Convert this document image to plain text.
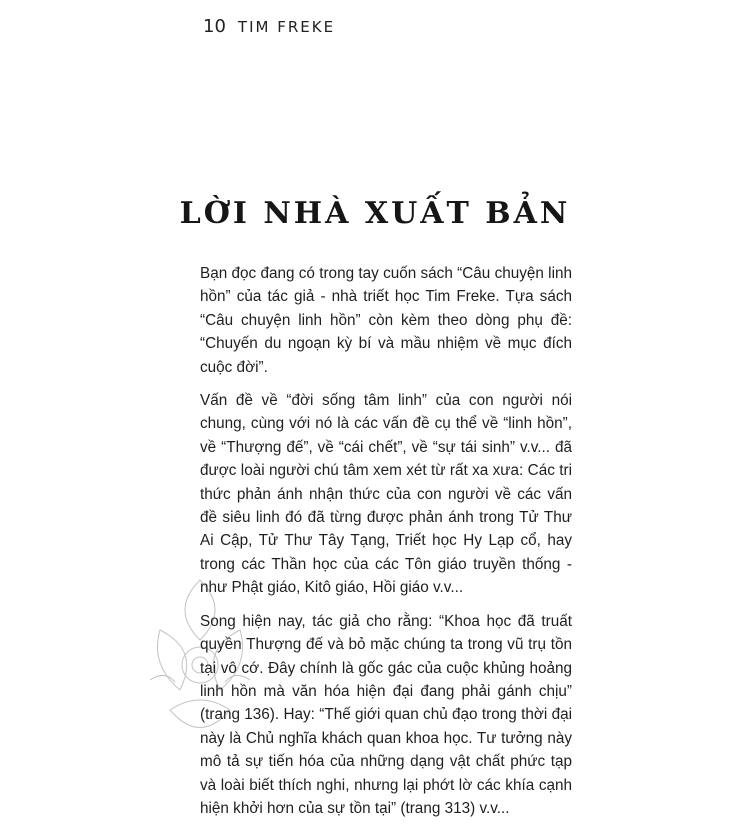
10 TIM FREKE
LỜI NHÀ XUẤT BẢN

Bạn đọc đang có trong tay cuốn sách “Câu chuyện linh hồn” của tác giả - nhà triết học Tim Freke. Tựa sách “Câu chuyện linh hồn” còn kèm theo dòng phụ đề: “Chuyến du ngoạn kỳ bí và mầu nhiệm về mục đích cuộc đời”.

Vấn đề về “đời sống tâm linh” của con người nói chung, cùng với nó là các vấn đề cụ thể về “linh hồn”, về “Thượng đế”, về “cái chết”, về “sự tái sinh” v.v... đã được loài người chú tâm xem xét từ rất xa xưa: Các tri thức phản ánh nhận thức của con người về các vấn đề siêu linh đó đã từng được phản ánh trong Tử Thư Ai Cập, Tử Thư Tây Tạng, Triết học Hy Lạp cổ, hay trong các Thần học của các Tôn giáo truyền thống - như Phật giáo, Kitô giáo, Hồi giáo v.v...

Song hiện nay, tác giả cho rằng: “Khoa học đã truất quyền Thượng đế và bỏ mặc chúng ta trong vũ trụ tồn tại vô cớ. Đây chính là gốc gác của cuộc khủng hoảng linh hồn mà văn hóa hiện đại đang phải gánh chịu” (trang 136). Hay: “Thế giới quan chủ đạo trong thời đại này là Chủ nghĩa khách quan khoa học. Tư tưởng này mô tả sự tiến hóa của những dạng vật chất phức tạp và loài biết thích nghi, nhưng lại phớt lờ các khía cạnh hiện khởi hơn của sự tồn tại” (trang 313) v.v...
